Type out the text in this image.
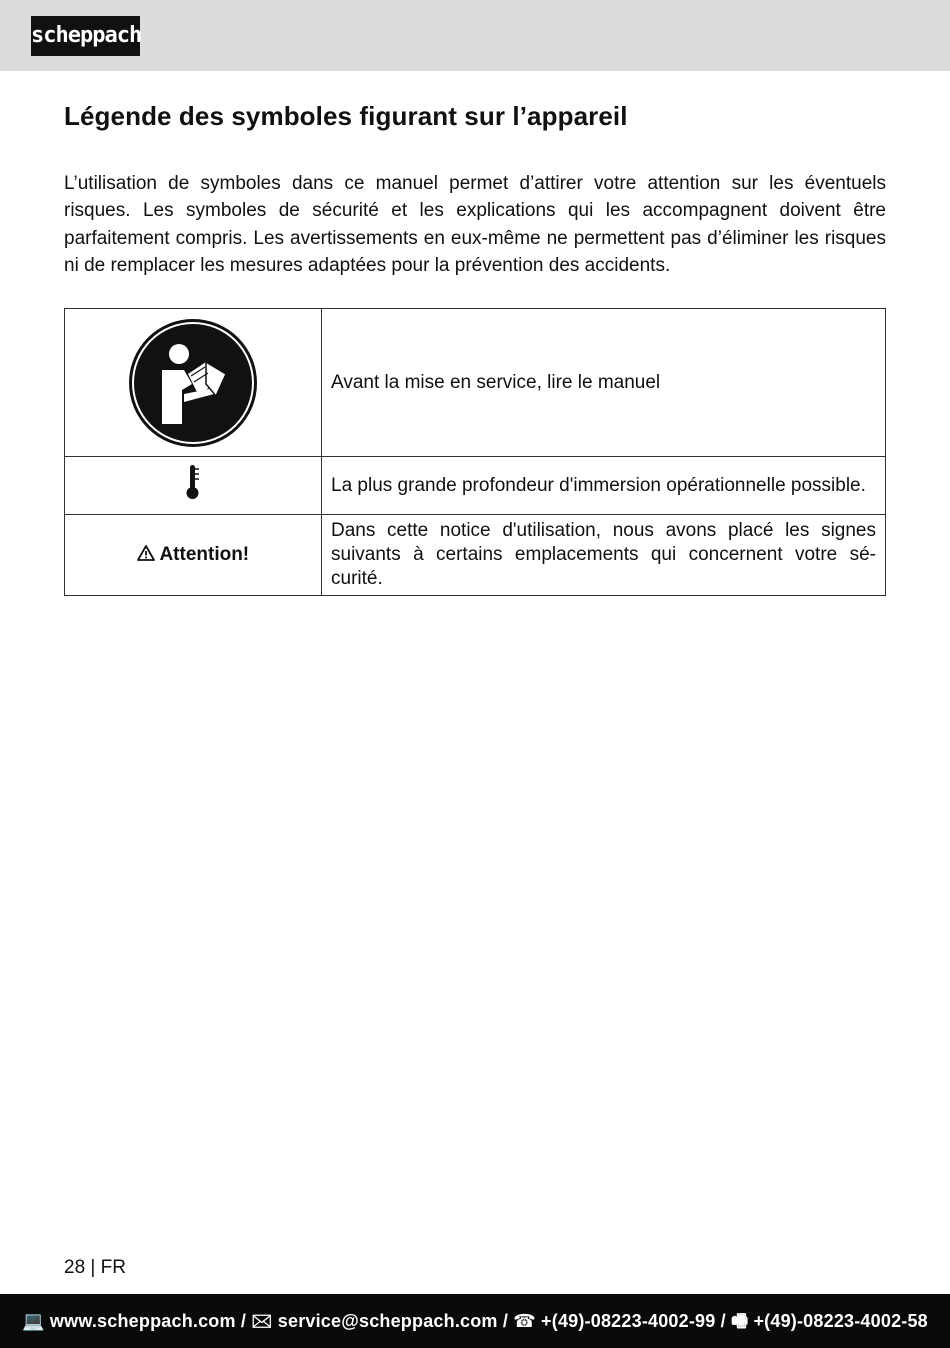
scheppach
Légende des symboles figurant sur l’appareil

L’utilisation de symboles dans ce manuel permet d’attirer votre attention sur les éventuels risques. Les symboles de sécurité et les explications qui les accompagnent doivent être parfaitement compris. Les avertissements en eux-même ne permettent pas d’éliminer les risques ni de remplacer les mesures adaptées pour la prévention des accidents.

	Avant la mise en service, lire le manuel
	La plus grande profondeur d'immersion opérationnelle possible.
Attention!	Dans cette notice d'utilisation, nous avons placé les signes suivants à certains emplacements qui concernent votre sé-curité.
28 | FR
💻 www.scheppach.com / 🖂 service@scheppach.com / ☎ +(49)-08223-4002-99 / 🖷 +(49)-08223-4002-58
